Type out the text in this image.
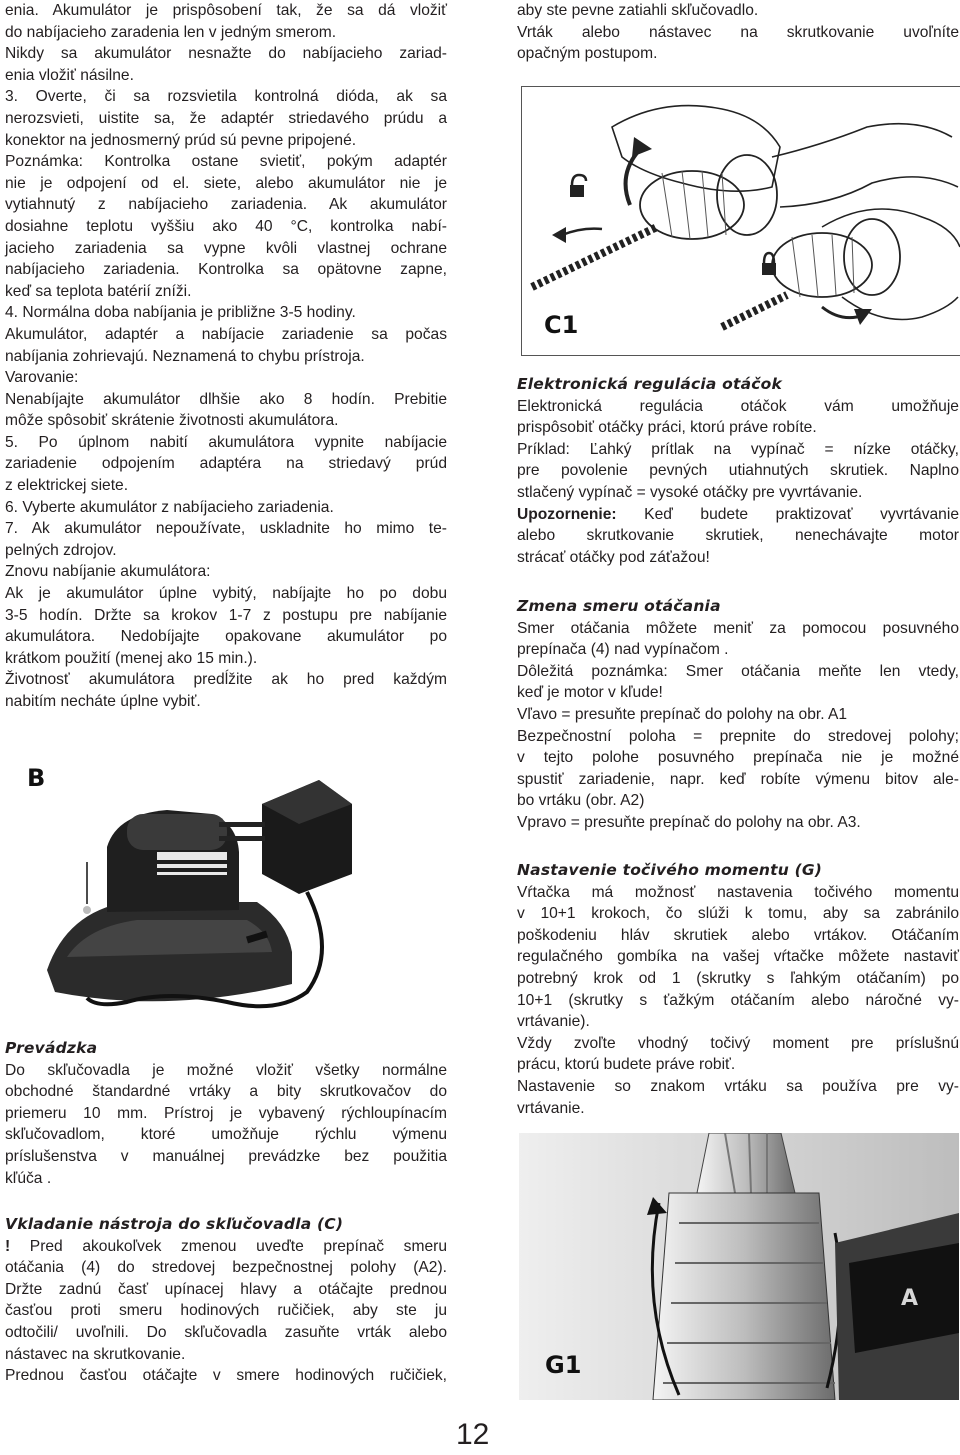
enia. Akumulátor je prispôsobení tak, že sa dá vložiť

do nabíjacieho zaradenia len v jedným smerom.

Nikdy sa akumulátor nesnažte do nabíjacieho zariad-

enia vložiť násilne.

3. Overte, či sa rozsvietila kontrolná dióda, ak sa

nerozsvieti, uistite sa, že adaptér striedavého prúdu a

konektor na jednosmerný prúd sú pevne pripojené.

Poznámka: Kontrolka ostane svietiť, pokým adaptér

nie je odpojení od el. siete, alebo akumulátor nie je

vytiahnutý z nabíjacieho zariadenia. Ak akumulátor

dosiahne teplotu vyššiu ako 40 °C, kontrolka nabí-

jacieho zariadenia sa vypne kvôli vlastnej ochrane

nabíjacieho zariadenia. Kontrolka sa opätovne zapne,

keď sa teplota batérií zníži.

4. Normálna doba nabíjania je približne 3-5 hodiny.

Akumulátor, adaptér a nabíjacie zariadenie sa počas

nabíjania zohrievajú. Neznamená to chybu prístroja.

Varovanie:

Nenabíjajte akumulátor dlhšie ako 8 hodín. Prebitie

môže spôsobiť skrátenie životnosti akumulátora.

5. Po úplnom nabití akumulátora vypnite nabíjacie

zariadenie odpojením adaptéra na striedavý prúd

z elektrickej siete.

6. Vyberte akumulátor z nabíjacieho zariadenia.

7. Ak akumulátor nepoužívate, uskladnite ho mimo te-

pelných zdrojov.

Znovu nabíjanie akumulátora:

Ak je akumulátor úplne vybitý, nabíjajte ho po dobu

3-5 hodín. Držte sa krokov 1-7 z postupu pre nabíjanie

akumulátora. Nedobíjajte opakovane akumulátor po

krátkom použití (menej ako 15 min.).

Životnosť akumulátora predĺžite ak ho pred každým

nabitím necháte úplne vybiť.

B

Prevádzka

Do skľučovadla je možné vložiť všetky normálne

obchodné štandardné vrtáky a bity skrutkovačov do

priemeru 10 mm. Prístroj je vybavený rýchloupínacím

skľučovadlom, ktoré umožňuje rýchlu výmenu

príslušenstva v manuálnej prevádzke bez použitia

kľúča .

Vkladanie nástroja do skľučovadla (C)

! Pred akoukoľvek zmenou uveďte prepínač smeru

otáčania (4) do stredovej bezpečnostnej polohy (A2).

Držte zadnú časť upínacej hlavy a otáčajte prednou

časťou proti smeru hodinových ručičiek, aby ste ju

odtočili/ uvoľnili. Do skľučovadla zasuňte vrták alebo

nástavec na skrutkovanie.

Prednou časťou otáčajte v smere hodinových ručičiek,

aby ste pevne zatiahli skľučovadlo.

Vrták alebo nástavec na skrutkovanie uvoľníte

opačným postupom.

C1

Elektronická regulácia otáčok

Elektronická regulácia otáčok vám umožňuje

prispôsobiť otáčky práci, ktorú práve robíte.

Príklad: Ľahký prítlak na vypínač = nízke otáčky,

pre povolenie pevných utiahnutých skrutiek. Naplno

stlačený vypínač = vysoké otáčky pre vyvrtávanie.

Upozornenie: Keď budete praktizovať vyvrtávanie

alebo skrutkovanie skrutiek, nenechávajte motor

strácať otáčky pod záťažou!

Zmena smeru otáčania

Smer otáčania môžete meniť za pomocou posuvného

prepínača (4) nad vypínačom .

Dôležitá poznámka: Smer otáčania meňte len vtedy,

keď je motor v kľude!

Vľavo = presuňte prepínač do polohy na obr. A1

Bezpečnostní poloha = prepnite do stredovej polohy;

v tejto polohe posuvného prepínača nie je možné

spustiť zariadenie, napr. keď robíte výmenu bitov ale-

bo vrtáku (obr. A2)

Vpravo = presuňte prepínač do polohy na obr. A3.

Nastavenie točivého momentu (G)

Vŕtačka má možnosť nastavenia točivého momentu

v 10+1 krokoch, čo slúži k tomu, aby sa zabránilo

poškodeniu hláv skrutiek alebo vrtákov. Otáčaním

regulačného gombíka na vašej vŕtačke môžete nastaviť

potrebný krok od 1 (skrutky s ľahkým otáčaním) po

10+1 (skrutky s ťažkým otáčaním alebo náročné vy-

vrtávanie).

Vždy zvoľte vhodný točivý moment pre príslušnú

prácu, ktorú budete práve robiť.

Nastavenie so znakom vrtáku sa používa pre vy-

vrtávanie.

A
G1
12
